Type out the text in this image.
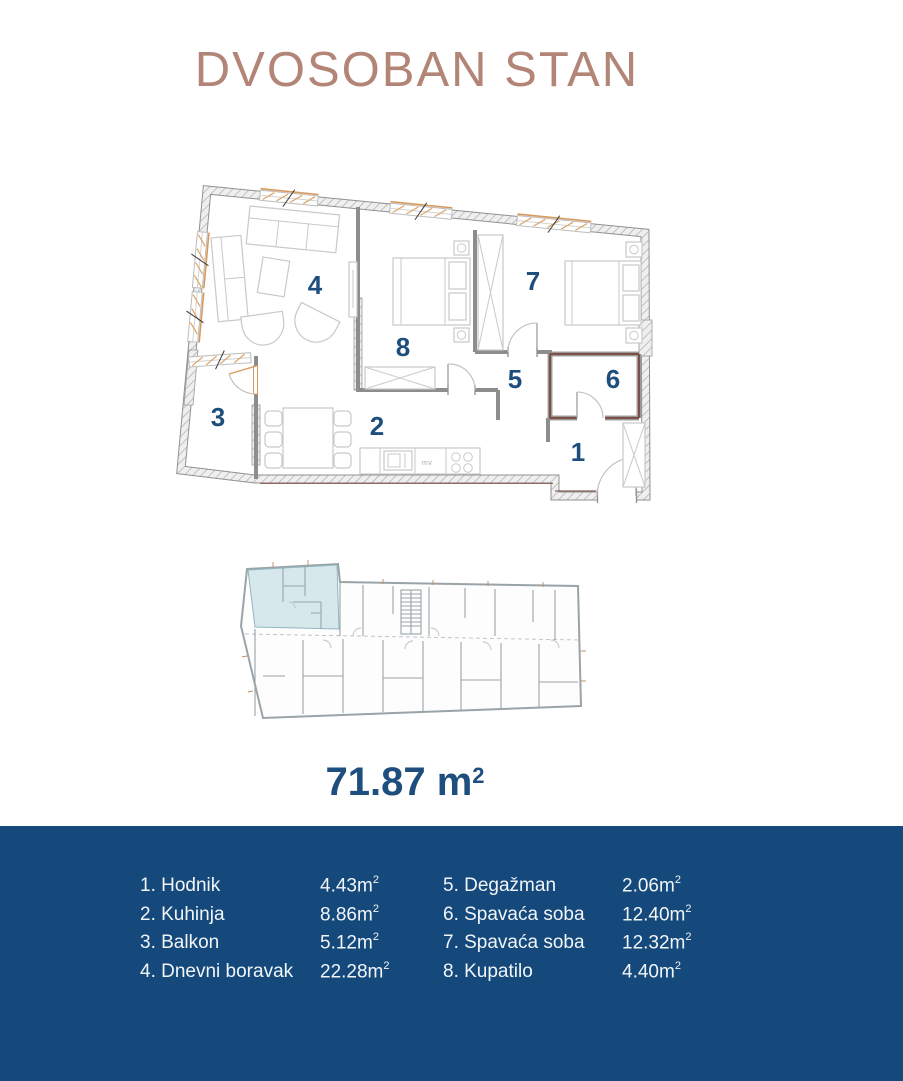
DVOSOBAN STAN
mv	1
2
3
4
5	6
7
8
71.87 $m^2$
1. Hodnik	$4.43m^2$
2. Kuhinja	$8.86m^2$
3. Balkon	$5.12m^2$
4. Dnevni boravak	$22.28m^2$
5. Degažman	$2.06m^2$
6. Spavaća soba	$12.40m^2$
7. Spavaća soba	$12.32m^2$
8. Kupatilo	$4.40m^2$
